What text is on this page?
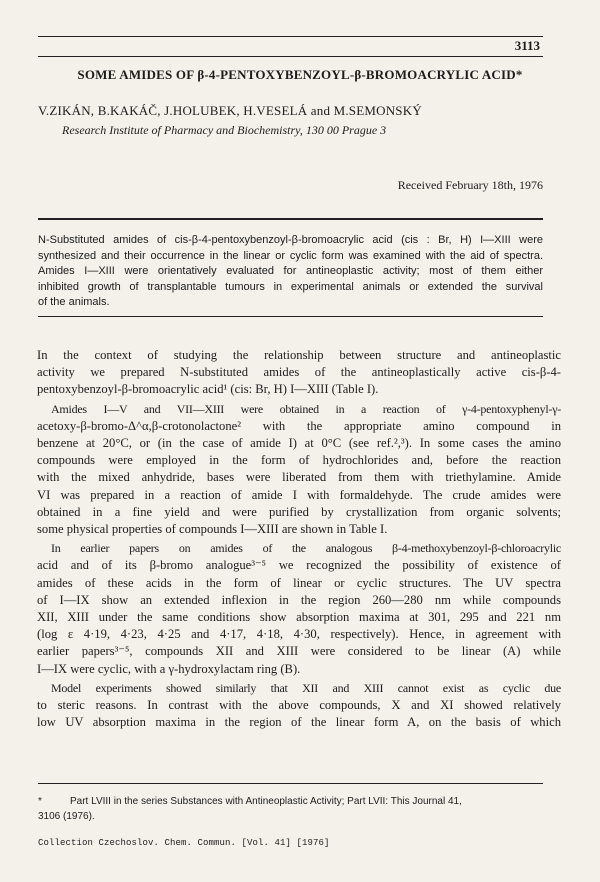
3113
SOME AMIDES OF β-4-PENTOXYBENZOYL-β-BROMOACRYLIC ACID*
V.ZIKÁN, B.KAKÁČ, J.HOLUBEK, H.VESELÁ and M.SEMONSKÝ
Research Institute of Pharmacy and Biochemistry, 130 00 Prague 3
Received February 18th, 1976
N-Substituted amides of cis-β-4-pentoxybenzoyl-β-bromoacrylic acid (cis : Br, H) I—XIII were
synthesized and their occurrence in the linear or cyclic form was examined with the aid of spectra.
Amides I—XIII were orientatively evaluated for antineoplastic activity; most of them either
inhibited growth of transplantable tumours in experimental animals or extended the survival
of the animals.

In the context of studying the relationship between structure and antineoplastic
activity we prepared N-substituted amides of the antineoplastically active cis-β-4-
pentoxybenzoyl-β-bromoacrylic acid¹ (cis: Br, H) I—XIII (Table I).

Amides I—V and VII—XIII were obtained in a reaction of γ-4-pentoxyphenyl-γ-
acetoxy-β-bromo-Δ^α,β-crotonolactone² with the appropriate amino compound in
benzene at 20°C, or (in the case of amide I) at 0°C (see ref.²,³). In some cases the amino
compounds were employed in the form of hydrochlorides and, before the reaction
with the mixed anhydride, bases were liberated from them with triethylamine. Amide
VI was prepared in a reaction of amide I with formaldehyde. The crude amides were
obtained in a fine yield and were purified by crystallization from organic solvents;
some physical properties of compounds I—XIII are shown in Table I.

In earlier papers on amides of the analogous β-4-methoxybenzoyl-β-chloroacrylic
acid and of its β-bromo analogue³⁻⁵ we recognized the possibility of existence of
amides of these acids in the form of linear or cyclic structures. The UV spectra
of I—IX show an extended inflexion in the region 260—280 nm while compounds
XII, XIII under the same conditions show absorption maxima at 301, 295 and 221 nm
(log ε 4·19, 4·23, 4·25 and 4·17, 4·18, 4·30, respectively). Hence, in agreement with
earlier papers³⁻⁵, compounds XII and XIII were considered to be linear (A) while
I—IX were cyclic, with a γ-hydroxylactam ring (B).

Model experiments showed similarly that XII and XIII cannot exist as cyclic due
to steric reasons. In contrast with the above compounds, X and XI showed relatively
low UV absorption maxima in the region of the linear form A, on the basis of which

*	Part LVIII in the series Substances with Antineoplastic Activity; Part LVII: This Journal 41,
3106 (1976).
Collection Czechoslov. Chem. Commun. [Vol. 41] [1976]
